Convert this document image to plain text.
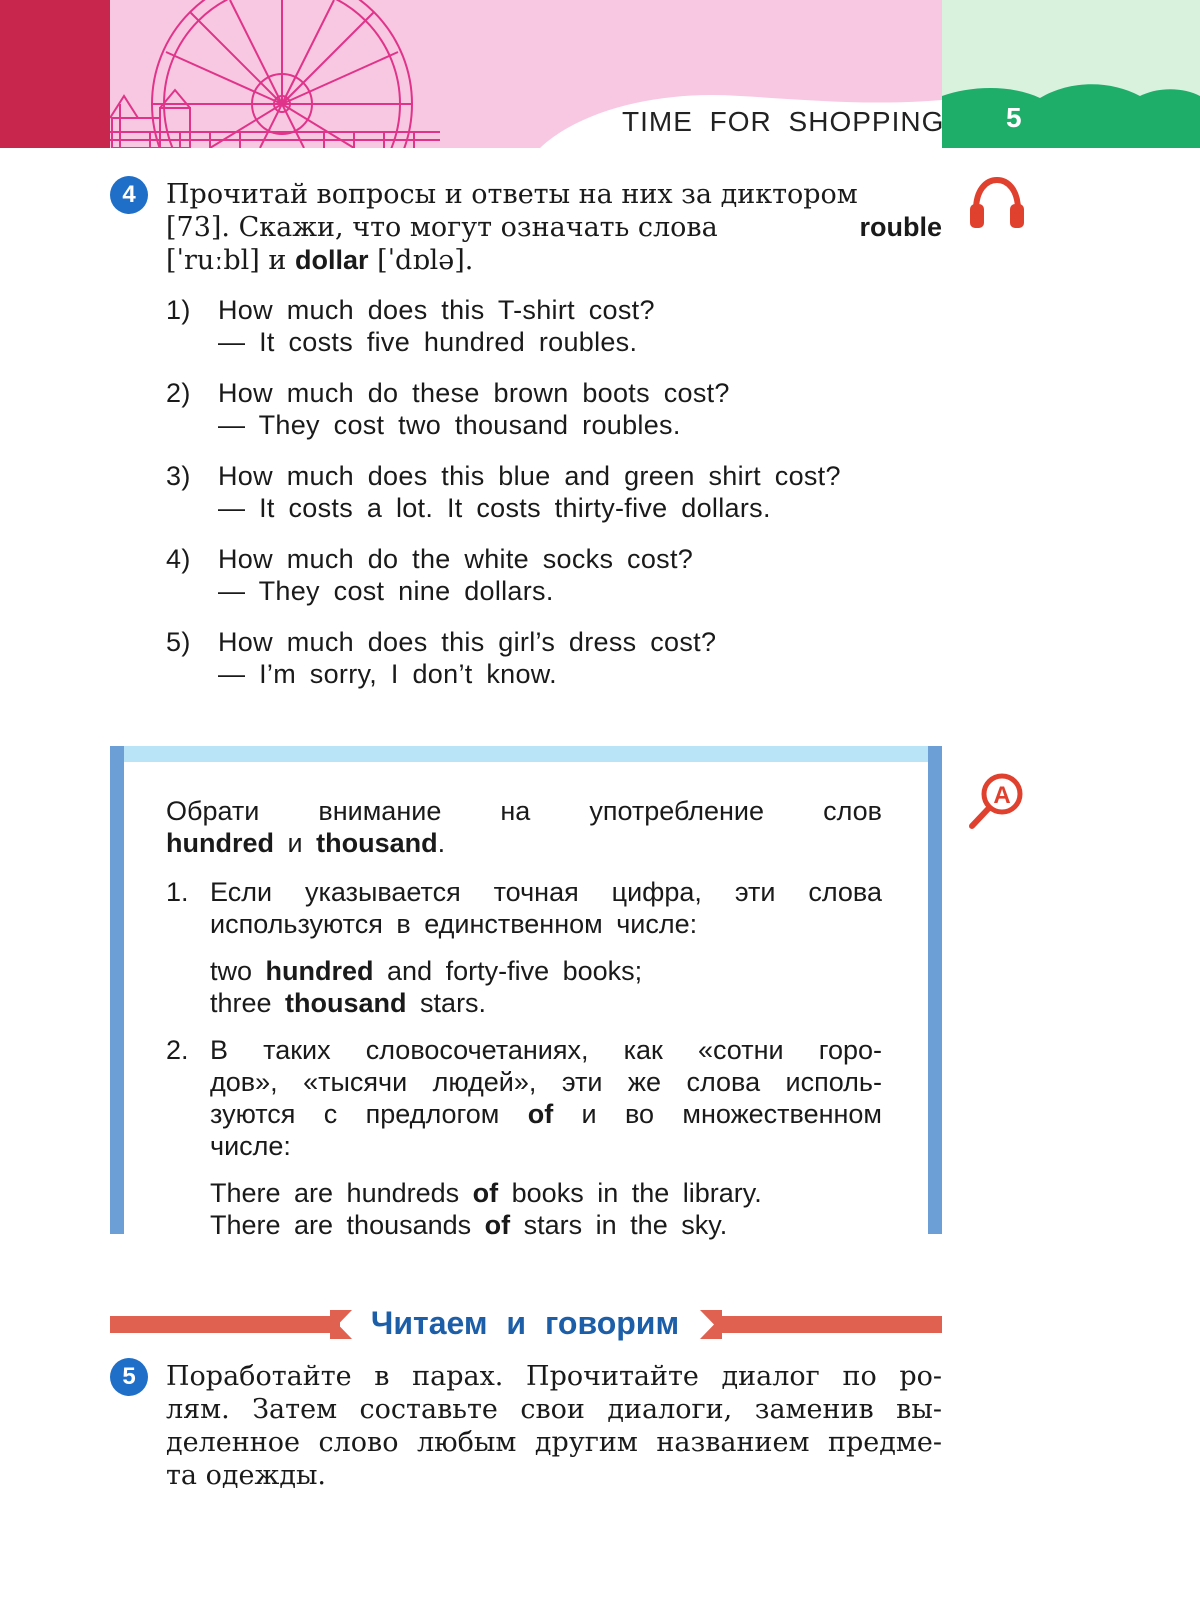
TIME FOR SHOPPING 5
4	Прочитай вопросы и ответы на них за диктором
[73]. Скажи, что могут означать слова	rouble
[ˈruːbl] и dollar [ˈdɒlə].
1) How much does this T-shirt cost?
— It costs five hundred roubles.
2) How much do these brown boots cost?
— They cost two thousand roubles.
3) How much does this blue and green shirt cost?
— It costs a lot. It costs thirty-five dollars.
4) How much do the white socks cost?
— They cost nine dollars.
5) How much does this girl’s dress cost?
— I’m sorry, I don’t know.
A
Обрати внимание на употребление слов
hundred и thousand.
1. Если указывается точная цифра, эти слова
используются в единственном числе:
two hundred and forty-five books;
three thousand stars.
2. В таких словосочетаниях, как «сотни горо-
дов», «тысячи людей», эти же слова исполь-
зуются с предлогом of и во множественном
числе:
There are hundreds of books in the library.
There are thousands of stars in the sky.
Читаем и говорим
5	Поработайте в парах. Прочитайте диалог по ро-
лям. Затем составьте свои диалоги, заменив вы-
деленное слово любым другим названием предме-
та одежды.
